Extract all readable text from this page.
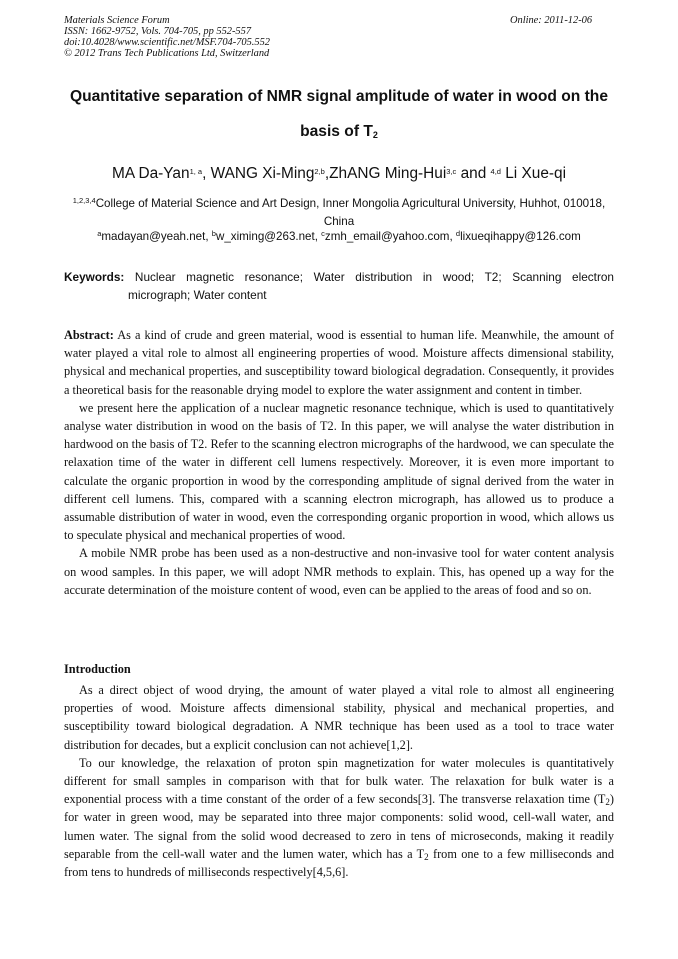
Materials Science Forum
ISSN: 1662-9752, Vols. 704-705, pp 552-557
doi:10.4028/www.scientific.net/MSF.704-705.552
© 2012 Trans Tech Publications Ltd, Switzerland
Online: 2011-12-06
Quantitative separation of NMR signal amplitude of water in wood on the
basis of $T_2$
MA Da-Yan$^{1, a}$, WANG Xi-Ming$^{2,b}$,ZhANG Ming-Hui$^{3,c}$ and $^{4,d}$ Li Xue-qi
$^{1,2,3,4}$College of Material Science and Art Design, Inner Mongolia Agricultural University, Huhhot, 010018, China
$^a$madayan@yeah.net, $^b$w_ximing@263.net, $^c$zmh_email@yahoo.com, $^d$lixueqihappy@126.com
Keywords: Nuclear magnetic resonance; Water distribution in wood; T2; Scanning electron
micrograph; Water content

Abstract: As a kind of crude and green material, wood is essential to human life. Meanwhile, the amount of water played a vital role to almost all engineering properties of wood. Moisture affects dimensional stability, physical and mechanical properties, and susceptibility toward biological degradation. Consequently, it provides a theoretical basis for the reasonable drying model to explore the water assignment and content in timber.

we present here the application of a nuclear magnetic resonance technique, which is used to quantitatively analyse water distribution in wood on the basis of T2. In this paper, we will analyse the water distribution in hardwood on the basis of T2. Refer to the scanning electron micrographs of the hardwood, we can speculate the relaxation time of the water in different cell lumens respectively. Moreover, it is even more important to calculate the organic proportion in wood by the corresponding amplitude of signal derived from the water in different cell lumens. This, compared with a scanning electron micrograph, has allowed us to produce a assumable distribution of water in wood, even the corresponding organic proportion in wood, which allows us to speculate physical and mechanical properties of wood.

A mobile NMR probe has been used as a non-destructive and non-invasive tool for water content analysis on wood samples. In this paper, we will adopt NMR methods to explain. This, has opened up a way for the accurate determination of the moisture content of wood, even can be applied to the areas of food and so on.

Introduction

As a direct object of wood drying, the amount of water played a vital role to almost all engineering properties of wood. Moisture affects dimensional stability, physical and mechanical properties, and susceptibility toward biological degradation. A NMR technique has been used as a tool to trace water distribution for decades, but a explicit conclusion can not achieve[1,2].

To our knowledge, the relaxation of proton spin magnetization for water molecules is quantitatively different for small samples in comparison with that for bulk water. The relaxation for bulk water is a exponential process with a time constant of the order of a few seconds[3]. The transverse relaxation time $(T_2)$ for water in green wood, may be separated into three major components: solid wood, cell-wall water, and lumen water. The signal from the solid wood decreased to zero in tens of microseconds, making it readily separable from the cell-wall water and the lumen water, which has a $T_2$ from one to a few milliseconds and from tens to hundreds of milliseconds respectively[4,5,6].
